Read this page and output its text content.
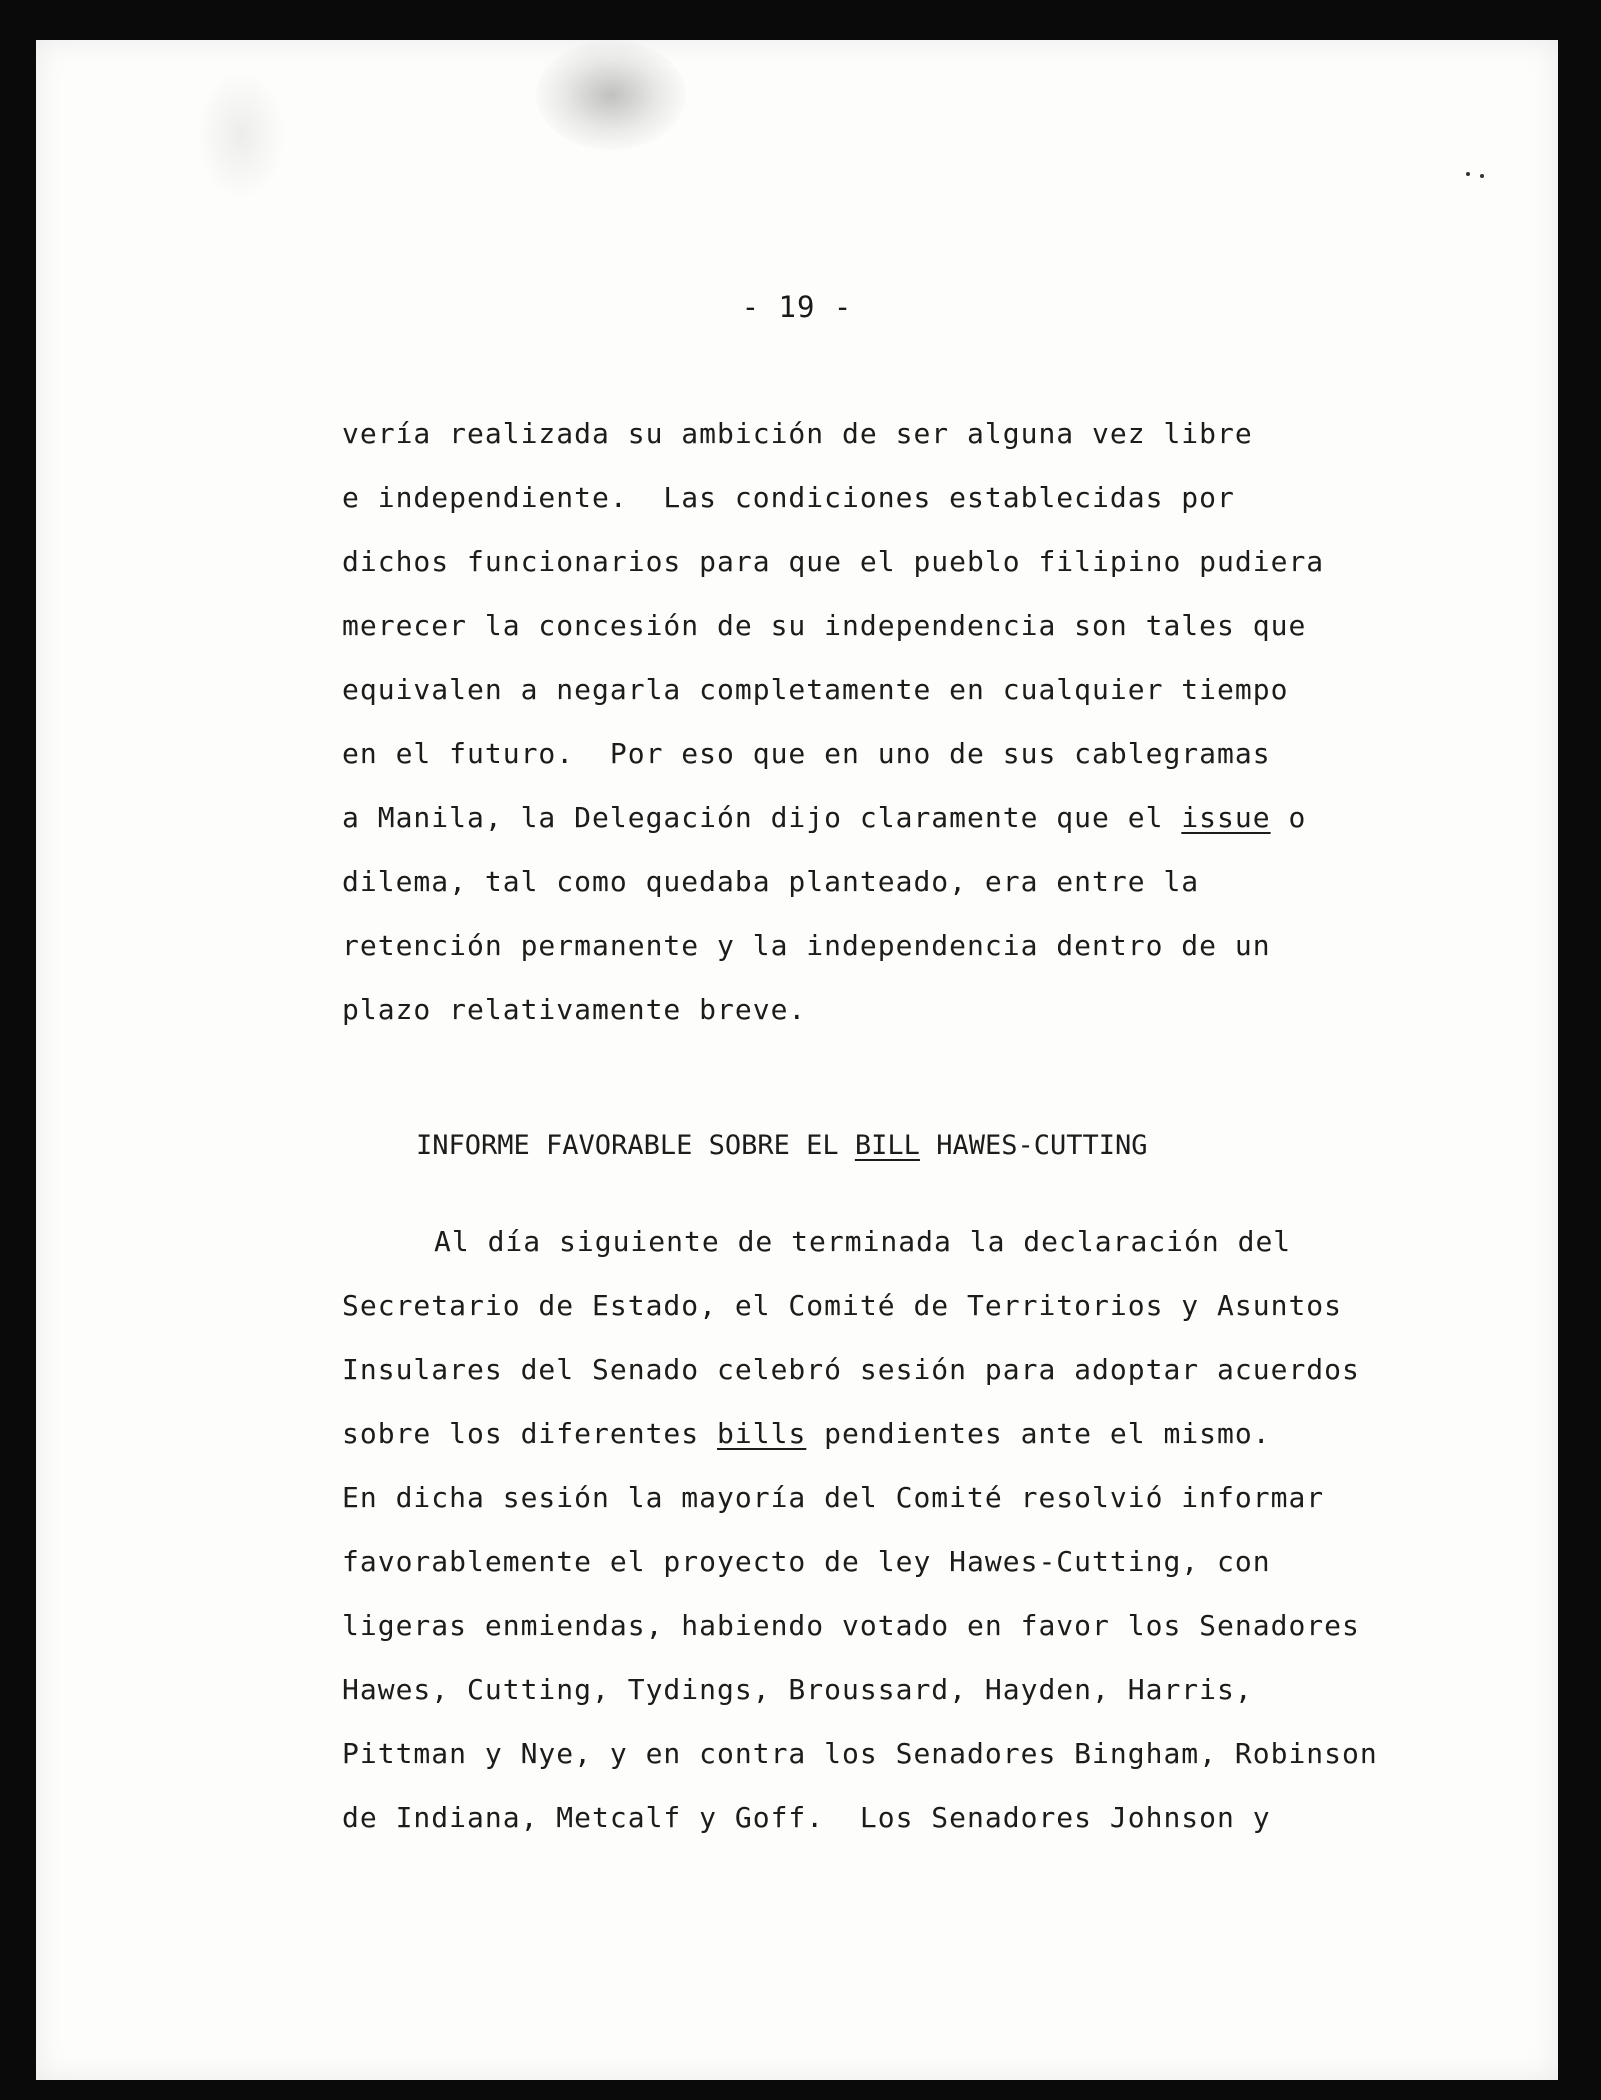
- 19 -
vería realizada su ambición de ser alguna vez libre
e independiente.  Las condiciones establecidas por
dichos funcionarios para que el pueblo filipino pudiera
merecer la concesión de su independencia son tales que
equivalen a negarla completamente en cualquier tiempo
en el futuro.  Por eso que en uno de sus cablegramas
a Manila, la Delegación dijo claramente que el issue o
dilema, tal como quedaba planteado, era entre la
retención permanente y la independencia dentro de un
plazo relativamente breve.
INFORME FAVORABLE SOBRE EL BILL HAWES-CUTTING
Al día siguiente de terminada la declaración del
Secretario de Estado, el Comité de Territorios y Asuntos
Insulares del Senado celebró sesión para adoptar acuerdos
sobre los diferentes bills pendientes ante el mismo.
En dicha sesión la mayoría del Comité resolvió informar
favorablemente el proyecto de ley Hawes-Cutting, con
ligeras enmiendas, habiendo votado en favor los Senadores
Hawes, Cutting, Tydings, Broussard, Hayden, Harris,
Pittman y Nye, y en contra los Senadores Bingham, Robinson
de Indiana, Metcalf y Goff.  Los Senadores Johnson y
